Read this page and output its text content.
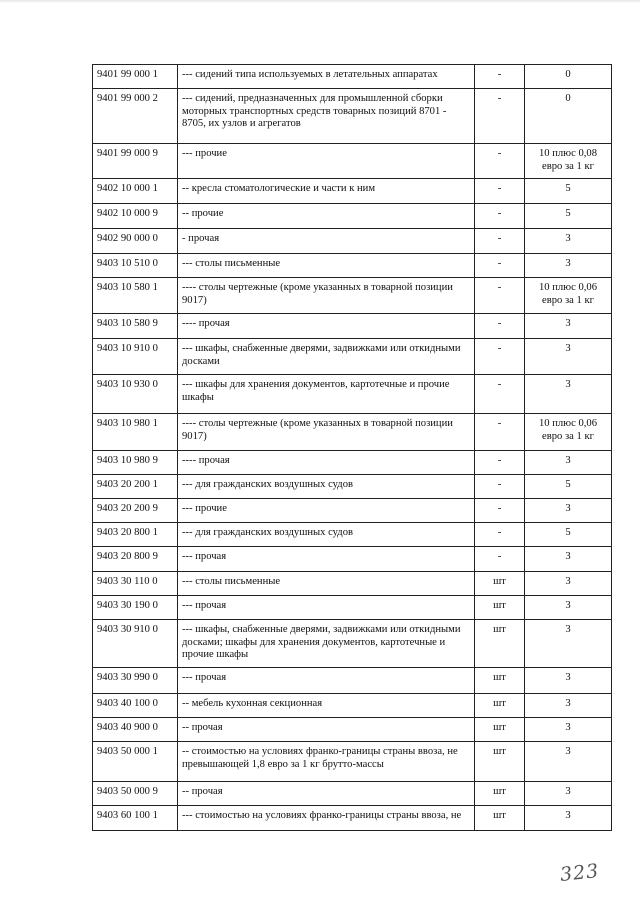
9401 99 000 1	--- сидений типа используемых в летательных аппаратах	-	0
9401 99 000 2	--- сидений, предназначенных для промышленной сборки моторных транспортных средств товарных позиций 8701 - 8705, их узлов и агрегатов	-	0
9401 99 000 9	--- прочие	-	10 плюс 0,08 евро за 1 кг
9402 10 000 1	-- кресла стоматологические и части к ним	-	5
9402 10 000 9	-- прочие	-	5
9402 90 000 0	- прочая	-	3
9403 10 510 0	--- столы письменные	-	3
9403 10 580 1	---- столы чертежные (кроме указанных в товарной позиции 9017)	-	10 плюс 0,06 евро за 1 кг
9403 10 580 9	---- прочая	-	3
9403 10 910 0	--- шкафы, снабженные дверями, задвижками или откидными досками	-	3
9403 10 930 0	--- шкафы для хранения документов, картотечные и прочие шкафы	-	3
9403 10 980 1	---- столы чертежные (кроме указанных в товарной позиции 9017)	-	10 плюс 0,06 евро за 1 кг
9403 10 980 9	---- прочая	-	3
9403 20 200 1	--- для гражданских воздушных судов	-	5
9403 20 200 9	--- прочие	-	3
9403 20 800 1	--- для гражданских воздушных судов	-	5
9403 20 800 9	--- прочая	-	3
9403 30 110 0	--- столы письменные	шт	3
9403 30 190 0	--- прочая	шт	3
9403 30 910 0	--- шкафы, снабженные дверями, задвижками или откидными досками; шкафы для хранения документов, картотечные и прочие шкафы	шт	3
9403 30 990 0	--- прочая	шт	3
9403 40 100 0	-- мебель кухонная секционная	шт	3
9403 40 900 0	-- прочая	шт	3
9403 50 000 1	-- стоимостью на условиях франко-границы страны ввоза, не превышающей 1,8 евро за 1 кг брутто-массы	шт	3
9403 50 000 9	-- прочая	шт	3
9403 60 100 1	--- стоимостью на условиях франко-границы страны ввоза, не	шт	3
323
